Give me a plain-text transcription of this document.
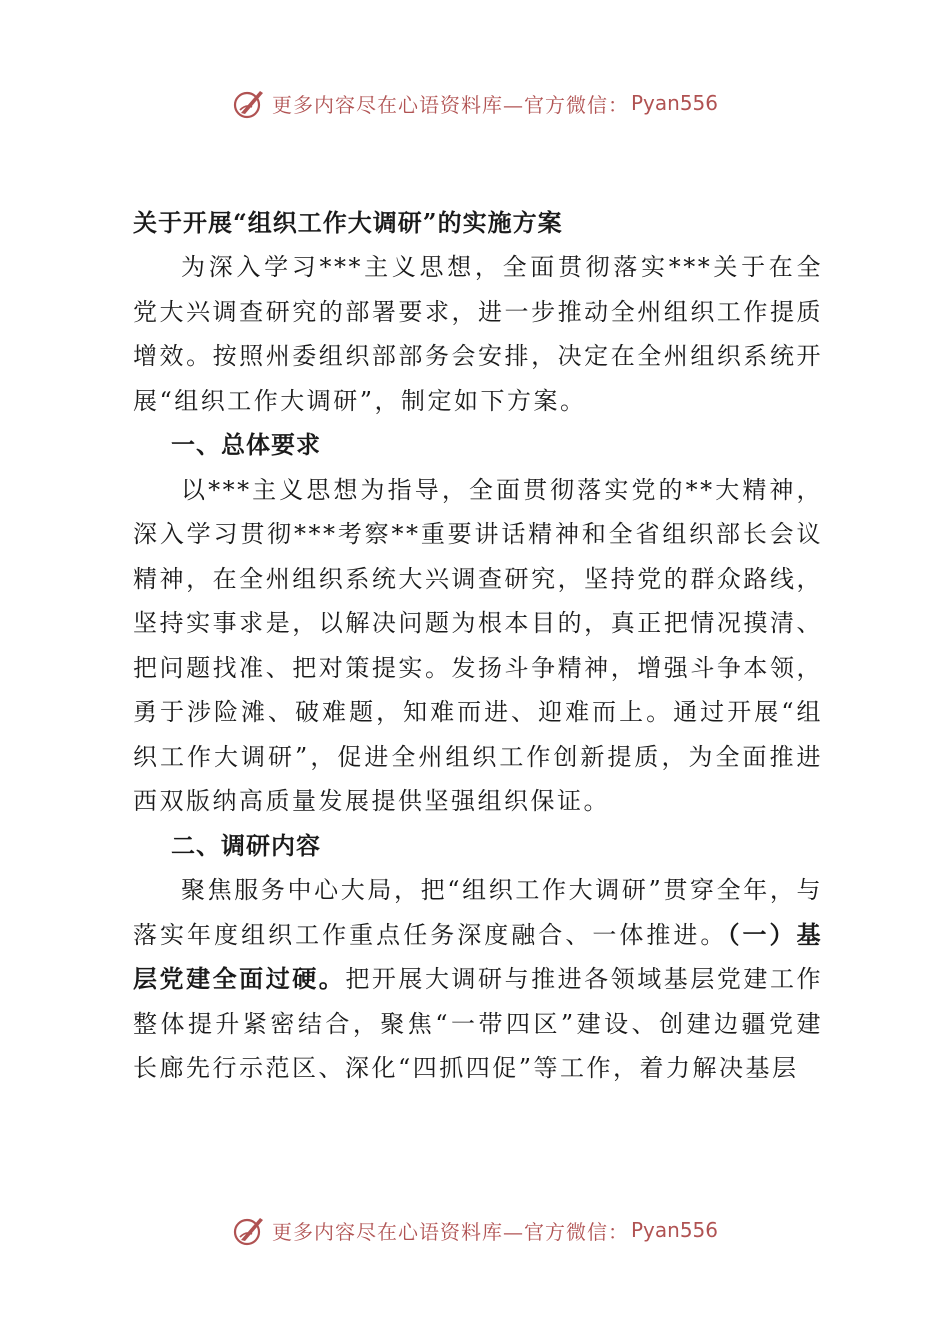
更多内容尽在心语资料库—官方微信： Pyan556

关于开展“组织工作大调研”的实施方案

为深入学习***主义思想，全面贯彻落实***关于在全党大兴调查研究的部署要求，进一步推动全州组织工作提质增效。按照州委组织部部务会安排，决定在全州组织系统开展“组织工作大调研”，制定如下方案。

一、总体要求

以***主义思想为指导，全面贯彻落实党的**大精神，深入学习贯彻***考察**重要讲话精神和全省组织部长会议精神，在全州组织系统大兴调查研究，坚持党的群众路线，坚持实事求是，以解决问题为根本目的，真正把情况摸清、把问题找准、把对策提实。发扬斗争精神，增强斗争本领，勇于涉险滩、破难题，知难而进、迎难而上。通过开展“组织工作大调研”，促进全州组织工作创新提质，为全面推进西双版纳高质量发展提供坚强组织保证。

二、调研内容

聚焦服务中心大局，把“组织工作大调研”贯穿全年，与落实年度组织工作重点任务深度融合、一体推进。（一）基层党建全面过硬。把开展大调研与推进各领域基层党建工作整体提升紧密结合，聚焦“一带四区”建设、创建边疆党建长廊先行示范区、深化“四抓四促”等工作，着力解决基层

更多内容尽在心语资料库—官方微信： Pyan556
